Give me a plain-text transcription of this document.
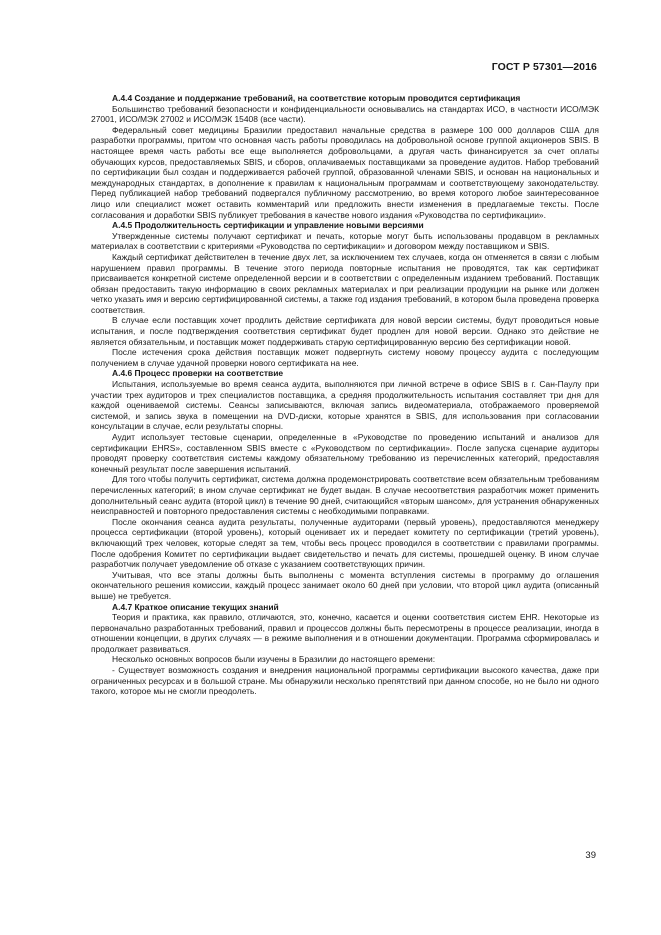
ГОСТ Р 57301—2016
А.4.4 Создание и поддержание требований, на соответствие которым проводится сертификация

Большинство требований безопасности и конфиденциальности основывались на стандартах ИСО, в частности ИСО/МЭК 27001, ИСО/МЭК 27002 и ИСО/МЭК 15408 (все части).

Федеральный совет медицины Бразилии предоставил начальные средства в размере 100 000 долларов США для разработки программы, притом что основная часть работы проводилась на добровольной основе группой акционеров SBIS. В настоящее время часть работы все еще выполняется добровольцами, а другая часть финансируется за счет оплаты обучающих курсов, предоставляемых SBIS, и сборов, оплачиваемых поставщиками за проведение аудитов. Набор требований по сертификации был создан и поддерживается рабочей группой, образованной членами SBIS, и основан на национальных и международных стандартах, в дополнение к правилам к национальным программам и соответствующему законодательству. Перед публикацией набор требований подвергался публичному рассмотрению, во время которого любое заинтересованное лицо или специалист может оставить комментарий или предложить внести изменения в предлагаемые тексты. После согласования и доработки SBIS публикует требования в качестве нового издания «Руководства по сертификации».

А.4.5 Продолжительность сертификации и управление новыми версиями

Утвержденные системы получают сертификат и печать, которые могут быть использованы продавцом в рекламных материалах в соответствии с критериями «Руководства по сертификации» и договором между поставщиком и SBIS.

Каждый сертификат действителен в течение двух лет, за исключением тех случаев, когда он отменяется в связи с любым нарушением правил программы. В течение этого периода повторные испытания не проводятся, так как сертификат присваивается конкретной системе определенной версии и в соответствии с определенным изданием требований. Поставщик обязан предоставить такую информацию в своих рекламных материалах и при реализации продукции на рынке или должен четко указать имя и версию сертифицированной системы, а также год издания требований, в котором была проведена проверка соответствия.

В случае если поставщик хочет продлить действие сертификата для новой версии системы, будут проводиться новые испытания, и после подтверждения соответствия сертификат будет продлен для новой версии. Однако это действие не является обязательным, и поставщик может поддерживать старую сертифицированную версию без сертификации новой.

После истечения срока действия поставщик может подвергнуть систему новому процессу аудита с последующим получением в случае удачной проверки нового сертификата на нее.

А.4.6 Процесс проверки на соответствие

Испытания, используемые во время сеанса аудита, выполняются при личной встрече в офисе SBIS в г. Сан-Паулу при участии трех аудиторов и трех специалистов поставщика, а средняя продолжительность испытания составляет три дня для каждой оцениваемой системы. Сеансы записываются, включая запись видеоматериала, отображаемого проверяемой системой, и запись звука в помещении на DVD-диски, которые хранятся в SBIS, для использования при согласовании консультации в случае, если результаты спорны.

Аудит использует тестовые сценарии, определенные в «Руководстве по проведению испытаний и анализов для сертификации EHRS», составленном SBIS вместе с «Руководством по сертификации». После запуска сценарие аудиторы проводят проверку соответствия системы каждому обязательному требованию из перечисленных категорий, предоставляя конечный результат после завершения испытаний.

Для того чтобы получить сертификат, система должна продемонстрировать соответствие всем обязательным требованиям перечисленных категорий; в ином случае сертификат не будет выдан. В случае несоответствия разработчик может применить дополнительный сеанс аудита (второй цикл) в течение 90 дней, считающийся «вторым шансом», для устранения обнаруженных неисправностей и повторного предоставления системы с необходимыми поправками.

После окончания сеанса аудита результаты, полученные аудиторами (первый уровень), предоставляются менеджеру процесса сертификации (второй уровень), который оценивает их и передает комитету по сертификации (третий уровень), включающий трех человек, которые следят за тем, чтобы весь процесс проводился в соответствии с правилами программы. После одобрения Комитет по сертификации выдает свидетельство и печать для системы, прошедшей оценку. В ином случае разработчик получает уведомление об отказе с указанием соответствующих причин.

Учитывая, что все этапы должны быть выполнены с момента вступления системы в программу до оглашения окончательного решения комиссии, каждый процесс занимает около 60 дней при условии, что второй цикл аудита (описанный выше) не требуется.

А.4.7 Краткое описание текущих знаний

Теория и практика, как правило, отличаются, это, конечно, касается и оценки соответствия систем EHR. Некоторые из первоначально разработанных требований, правил и процессов должны быть пересмотрены в процессе реализации, иногда в отношении концепции, в других случаях — в режиме выполнения и в отношении документации. Программа сформировалась и продолжает развиваться.

Несколько основных вопросов были изучены в Бразилии до настоящего времени:

- Существует возможность создания и внедрения национальной программы сертификации высокого качества, даже при ограниченных ресурсах и в большой стране. Мы обнаружили несколько препятствий при данном способе, но не было ни одного такого, которое мы не смогли преодолеть.

39
